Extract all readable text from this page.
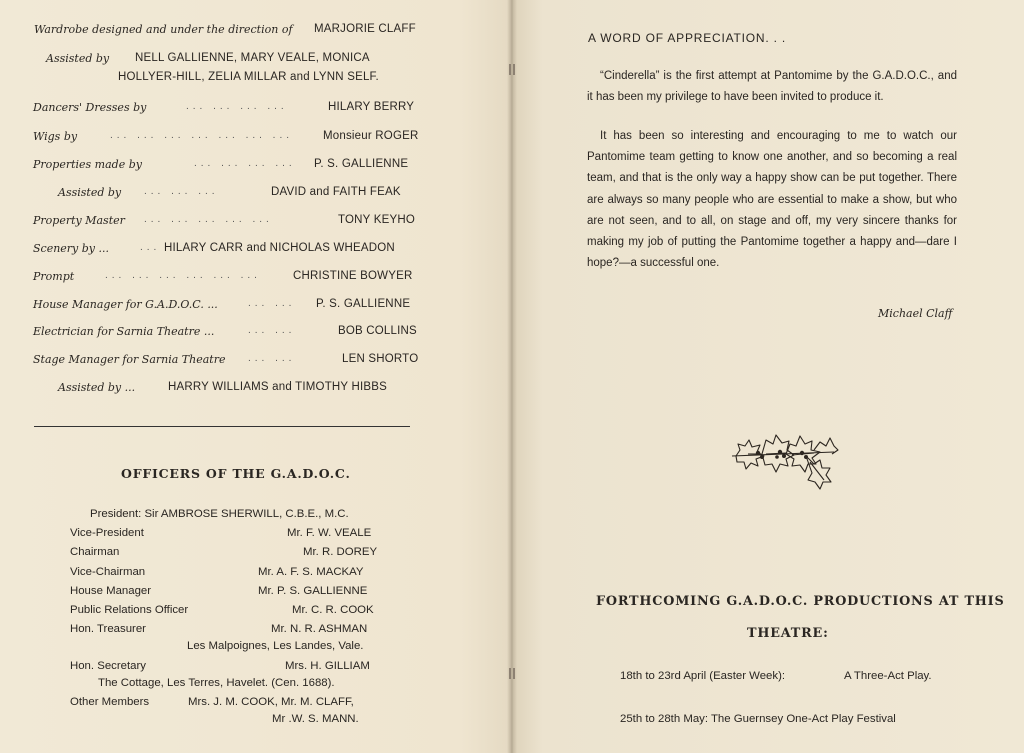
Wardrobe designed and under the direction of MARJORIE CLAFF
Assisted by NELL GALLIENNE, MARY VEALE, MONICA
HOLLYER-HILL, ZELIA MILLAR and LYNN SELF.
Dancers' Dresses by	... ... ... ...	HILARY BERRY
Wigs by	... ... ... ... ... ... ...	Monsieur ROGER
Properties made by	... ... ... ... P. S. GALLIENNE
Assisted by ... ... ...	DAVID and FAITH FEAK
Property Master ... ... ... ... ...	TONY KEYHO
Scenery by ...	... HILARY CARR and NICHOLAS WHEADON
Prompt	... ... ... ... ... ...	CHRISTINE BOWYER
House Manager for G.A.D.O.C. ...	... ... P. S. GALLIENNE
Electrician for Sarnia Theatre ...	... ...	BOB COLLINS
Stage Manager for Sarnia Theatre ... ...	LEN SHORTO
Assisted by ...	HARRY WILLIAMS and TIMOTHY HIBBS
OFFICERS OF THE G.A.D.O.C.
President: Sir AMBROSE SHERWILL, C.B.E., M.C.
Vice-President	Mr. F. W. VEALE
Chairman	Mr. R. DOREY
Vice-Chairman	Mr. A. F. S. MACKAY
House Manager	Mr. P. S. GALLIENNE
Public Relations Officer	Mr. C. R. COOK
Hon. Treasurer	Mr. N. R. ASHMAN
Les Malpoignes, Les Landes, Vale.
Hon. Secretary	Mrs. H. GILLIAM
The Cottage, Les Terres, Havelet. (Cen. 1688).
Other Members	Mrs. J. M. COOK, Mr. M. CLAFF,
Mr .W. S. MANN.
A WORD OF APPRECIATION. . .
“Cinderella” is the first attempt at Pantomime by the G.A.D.O.C., and it has been my privilege to have been invited to produce it.
It has been so interesting and encouraging to me to watch our Pantomime team getting to know one another, and so becoming a real team, and that is the only way a happy show can be put together. There are always so many people who are essential to make a show, but who are not seen, and to all, on stage and off, my very sincere thanks for making my job of putting the Pantomime together a happy and—dare I hope?—a successful one.
Michael Claff
FORTHCOMING G.A.D.O.C. PRODUCTIONS AT THIS
THEATRE:
18th to 23rd April (Easter Week):	A Three-Act Play.
25th to 28th May: The Guernsey One-Act Play Festival
